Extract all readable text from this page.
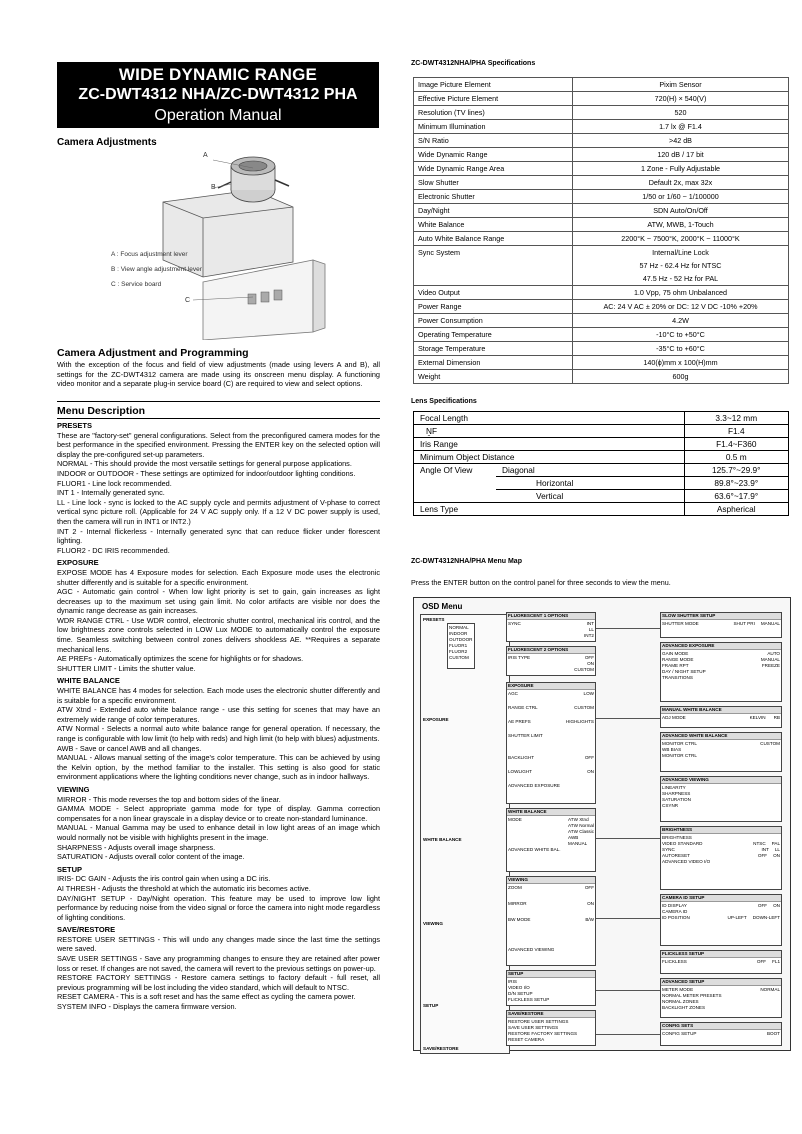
WIDE DYNAMIC RANGE
ZC-DWT4312 NHA/ZC-DWT4312 PHA
Operation Manual
Camera Adjustments
A
B
C
A : Focus adjustment lever
B : View angle adjustment lever
C : Service board
Camera Adjustment and Programming
With the exception of the focus and field of view adjustments (made using levers A and B), all settings for the ZC-DWT4312 camera are made using its onscreen menu display. A functioning video monitor and a separate plug-in service board (C) are required to view and select options.
Menu Description
PRESETS

These are "factory-set" general configurations. Select from the preconfigured camera modes for the best performance in the specified environment. Pressing the ENTER key on the selected option will display the pre-configured set-up parameters.

NORMAL - This should provide the most versatile settings for general purpose applications.

INDOOR or OUTDOOR - These settings are optimized for indoor/outdoor lighting conditions.

FLUOR1 - Line lock recommended.

INT 1 - Internally generated sync.

LL - Line lock - sync is locked to the AC supply cycle and permits adjustment of V-phase to correct vertical sync picture roll. (Applicable for 24 V AC supply only. If a 12 V DC power supply is used, then the camera will run in INT1 or INT2.)

INT 2 - Internal flickerless - Internally generated sync that can reduce flicker under florescent lighting.

FLUOR2 - DC IRIS recommended.

EXPOSURE

EXPOSE MODE has 4 Exposure modes for selection. Each Exposure mode uses the electronic shutter differently and is suitable for a specific environment.

AGC - Automatic gain control - When low light priority is set to gain, gain increases as light decreases up to the maximum set using gain limit. No color artifacts are visible nor does the dynamic range decrease as gain increases.

WDR RANGE CTRL - Use WDR control, electronic shutter control, mechanical iris control, and the low brightness zone controls selected in LOW Lux MODE to automatically control the exposure time. Seamless switching between control zones delivers shockless AE. **Requires a separate mechanical lens.

AE PREFs - Automatically optimizes the scene for highlights or for shadows.

SHUTTER LIMIT - Limits the shutter value.

WHITE BALANCE

WHITE BALANCE has 4 modes for selection. Each mode uses the electronic shutter differently and is suitable for a specific environment.

ATW Xtnd - Extended auto white balance range - use this setting for scenes that may have an extremely wide range of color temperatures.

ATW Normal - Selects a normal auto white balance range for general operation. If necessary, the range is configurable with low limit (to help with reds) and high limit (to help with blues) adjustments.

AWB - Save or cancel AWB and all changes.

MANUAL - Allows manual setting of the image's color temperature. This can be achieved by using the Kelvin option, by the method familiar to the installer. This setting is also good for static environment applications where the lighting conditions never change, such as in indoor hallways.

VIEWING

MIRROR - This mode reverses the top and bottom sides of the linear.

GAMMA MODE - Select appropriate gamma mode for type of display. Gamma correction compensates for a non linear grayscale in a display device or to create non-standard luminance.

MANUAL - Manual Gamma may be used to enhance detail in low light areas of an image which would normally not be visible with highlights present in the image.

SHARPNESS - Adjusts overall image sharpness.

SATURATION - Adjusts overall color content of the image.

SETUP

IRIS- DC GAIN - Adjusts the iris control gain when using a DC iris.

AI THRESH - Adjusts the threshold at which the automatic iris becomes active.

DAY/NIGHT SETUP - Day/Night operation. This feature may be used to improve low light performance by reducing noise from the video signal or force the camera into night mode regardless of lighting conditions.

SAVE/RESTORE

RESTORE USER SETTINGS - This will undo any changes made since the last time the settings were saved.

SAVE USER SETTINGS - Save any programming changes to ensure they are retained after power loss or reset. If changes are not saved, the camera will revert to the previous settings on power-up.

RESTORE FACTORY SETTINGS - Restore camera settings to factory default - full reset, all previous programming will be lost including the video standard, which will default to NTSC.

RESET CAMERA - This is a soft reset and has the same effect as cycling the camera power.

SYSTEM INFO - Displays the camera firmware version.

ZC-DWT4312NHA/PHA Specifications
Image Picture Element	Pixim Sensor
Effective Picture Element	720(H) × 540(V)
Resolution (TV lines)	520
Minimum Illumination	1.7 lx @ F1.4
S/N Ratio	>42 dB
Wide Dynamic Range	120 dB / 17 bit
Wide Dynamic Range Area	1 Zone - Fully Adjustable
Slow Shutter	Default 2x, max 32x
Electronic Shutter	1/50 or 1/60 ~ 1/100000
Day/Night	SDN Auto/On/Off
White Balance	ATW, MWB, 1-Touch
Auto White Balance Range	2200°K ~ 7500°K, 2000°K ~ 11000°K
Sync System	Internal/Line Lock
	57 Hz - 62.4 Hz for NTSC
	47.5 Hz - 52 Hz for PAL
Video Output	1.0 Vpp, 75 ohm Unbalanced
Power Range	AC: 24 V AC ± 20% or DC: 12 V DC -10% +20%
Power Consumption	4.2W
Operating Temperature	-10°C to +50°C
Storage Temperature	-35°C to +60°C
External Dimension	140(ϕ)mm x 100(H)mm
Weight	600g
Lens Specifications
Focal Length		3.3~12 mm
ṈF		F1.4
Iris Range		F1.4~F360
Minimum Object Distance		0.5 m
Angle Of View	Diagonal	125.7°~29.9°
	Horizontal	89.8°~23.9°
	Vertical	63.6°~17.9°
Lens Type		Aspherical
ZC-DWT4312NHA/PHA Menu Map
Press the ENTER button on the control panel for three seconds to view the menu.
OSD Menu
PRESETS
EXPOSURE
WHITE BALANCE
VIEWING
SETUP
SAVE/RESTORE
NORMAL
INDOOR
OUTDOOR
FLUOR1
FLUOR2
CUSTOM
FLUORESCENT 1 OPTIONS
SYNC	INT

LL

INT2
FLUORESCENT 2 OPTIONS
IRIS TYPE	OFF

ON

CUSTOM
EXPOSURE
AGC	LOW
RANGE CTRL	CUSTOM
AE PREFS	HIGHLIGHTS
SHUTTER LIMIT
BACKLIGHT	OFF
LOWLIGHT	ON
ADVANCED EXPOSURE
WHITE BALANCE
MODE	ATW Xtnd
ATW Normal
ATW Classic
AWB
MANUAL
ADVANCED WHITE BAL.
VIEWING
ZOOM	OFF
MIRROR	ON
BW MODE	B/W
ADVANCED VIEWING
SETUP
IRIS
VIDEO I/O
D/N SETUP
FLICKLESS SETUP
SAVE/RESTORE
RESTORE USER SETTINGS
SAVE USER SETTINGS
RESTORE FACTORY SETTINGS
RESET CAMERA
SLOW SHUTTER SETUP
SHUTTER MODE	MANUAL
SHUT PRI
ADVANCED EXPOSURE
GAIN MODE	AUTO
RANGE MODE	MANUAL
FRAME RPT	FREEZE
DAY / NIGHT SETUP
TRANSITIONS
MANUAL WHITE BALANCE
ADJ MODE	RB
KELVIN
ADVANCED WHITE BALANCE
MONITOR CTRL	CUSTOM
WB BIAS
MONITOR CTRL
ADVANCED VIEWING
LINEARITY
SHARPNESS
SATURATION
CSYNR
BRIGHTNESS
BRIGHTNESS
VIDEO STANDARD	PAL
NTSC
SYNC	LL
INT
AUTORESET	ON
OFF
ADVANCED VIDEO I/O
CAMERA ID SETUP
ID DISPLAY	ON
OFF
CAMERA ID
ID POSITION	DOWN-LEFT
UP-LEFT
FLICKLESS SETUP
FLICKLESS	FL1
OFF
ADVANCED SETUP
METER MODE	NORMAL
NORMAL METER PRESETS
NORMAL ZONES
BACKLIGHT ZONES
CONFIG SETS
CONFIG SETUP	BOOT
